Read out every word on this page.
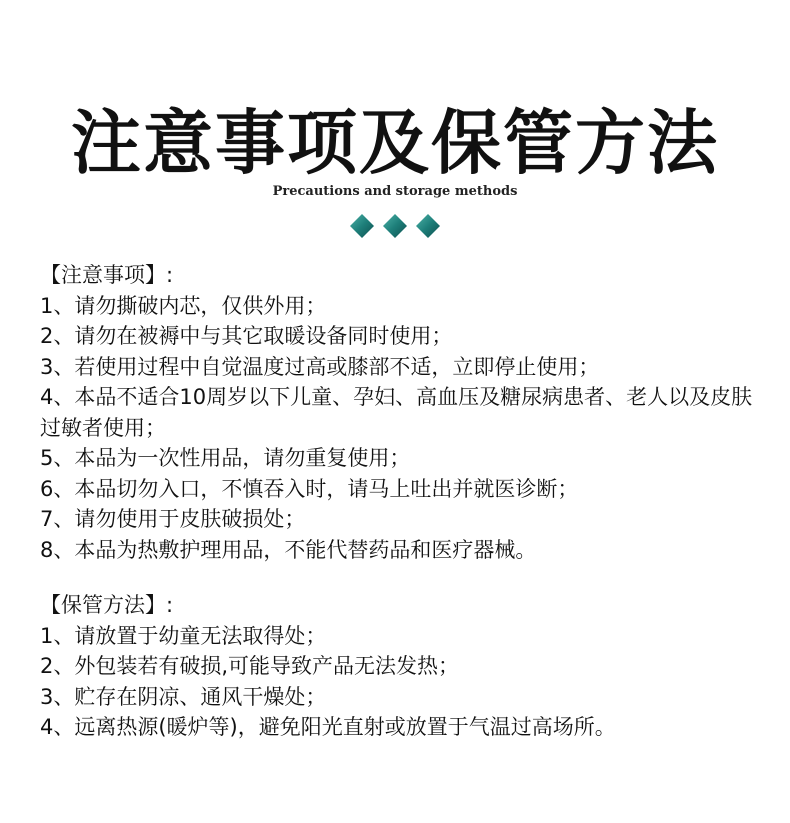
注意事项及保管方法
Precautions and storage methods

【注意事项】:

1、请勿撕破内芯，仅供外用；

2、请勿在被褥中与其它取暖设备同时使用；

3、若使用过程中自觉温度过高或膝部不适，立即停止使用；

4、本品不适合10周岁以下儿童、孕妇、高血压及糖尿病患者、老人以及皮肤过敏者使用；

5、本品为一次性用品，请勿重复使用；

6、本品切勿入口，不慎吞入时，请马上吐出并就医诊断；

7、请勿使用于皮肤破损处；

8、本品为热敷护理用品，不能代替药品和医疗器械。

【保管方法】:

1、请放置于幼童无法取得处；

2、外包装若有破损,可能导致产品无法发热；

3、贮存在阴凉、通风干燥处；

4、远离热源(暖炉等)，避免阳光直射或放置于气温过高场所。
